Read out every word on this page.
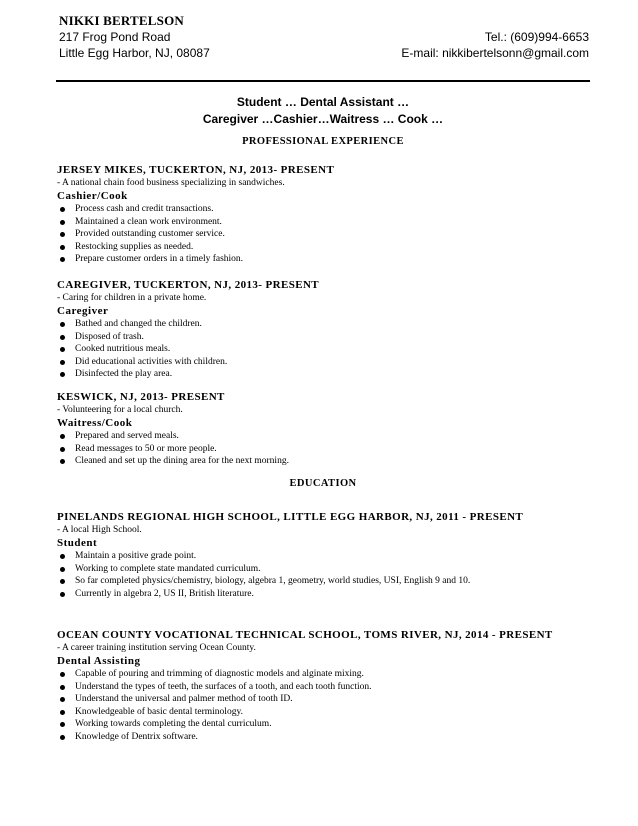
NIKKI BERTELSON
217 Frog Pond Road	Tel.: (609)994-6653
Little Egg Harbor, NJ, 08087	E-mail: nikkibertelsonn@gmail.com
Student … Dental Assistant …
Caregiver …Cashier…Waitress … Cook …
PROFESSIONAL EXPERIENCE
JERSEY MIKES, TUCKERTON, NJ, 2013- PRESENT
- A national chain food business specializing in sandwiches.
Cashier/Cook
Process cash and credit transactions.
Maintained a clean work environment.
Provided outstanding customer service.
Restocking supplies as needed.
Prepare customer orders in a timely fashion.
CAREGIVER, TUCKERTON, NJ, 2013- PRESENT
- Caring for children in a private home.
Caregiver
Bathed and changed the children.
Disposed of trash.
Cooked nutritious meals.
Did educational activities with children.
Disinfected the play area.
KESWICK, NJ, 2013- PRESENT
- Volunteering for a local church.
Waitress/Cook
Prepared and served meals.
Read messages to 50 or more people.
Cleaned and set up the dining area for the next morning.
EDUCATION
PINELANDS REGIONAL HIGH SCHOOL, LITTLE EGG HARBOR, NJ, 2011 - PRESENT
- A local High School.
Student
Maintain a positive grade point.
Working to complete state mandated curriculum.
So far completed physics/chemistry, biology, algebra 1, geometry, world studies, USI, English 9 and 10.
Currently in algebra 2, US II, British literature.
OCEAN COUNTY VOCATIONAL TECHNICAL SCHOOL, TOMS RIVER, NJ, 2014 - PRESENT
- A career training institution serving Ocean County.
Dental Assisting
Capable of pouring and trimming of diagnostic models and alginate mixing.
Understand the types of teeth, the surfaces of a tooth, and each tooth function.
Understand the universal and palmer method of tooth ID.
Knowledgeable of basic dental terminology.
Working towards completing the dental curriculum.
Knowledge of Dentrix software.
